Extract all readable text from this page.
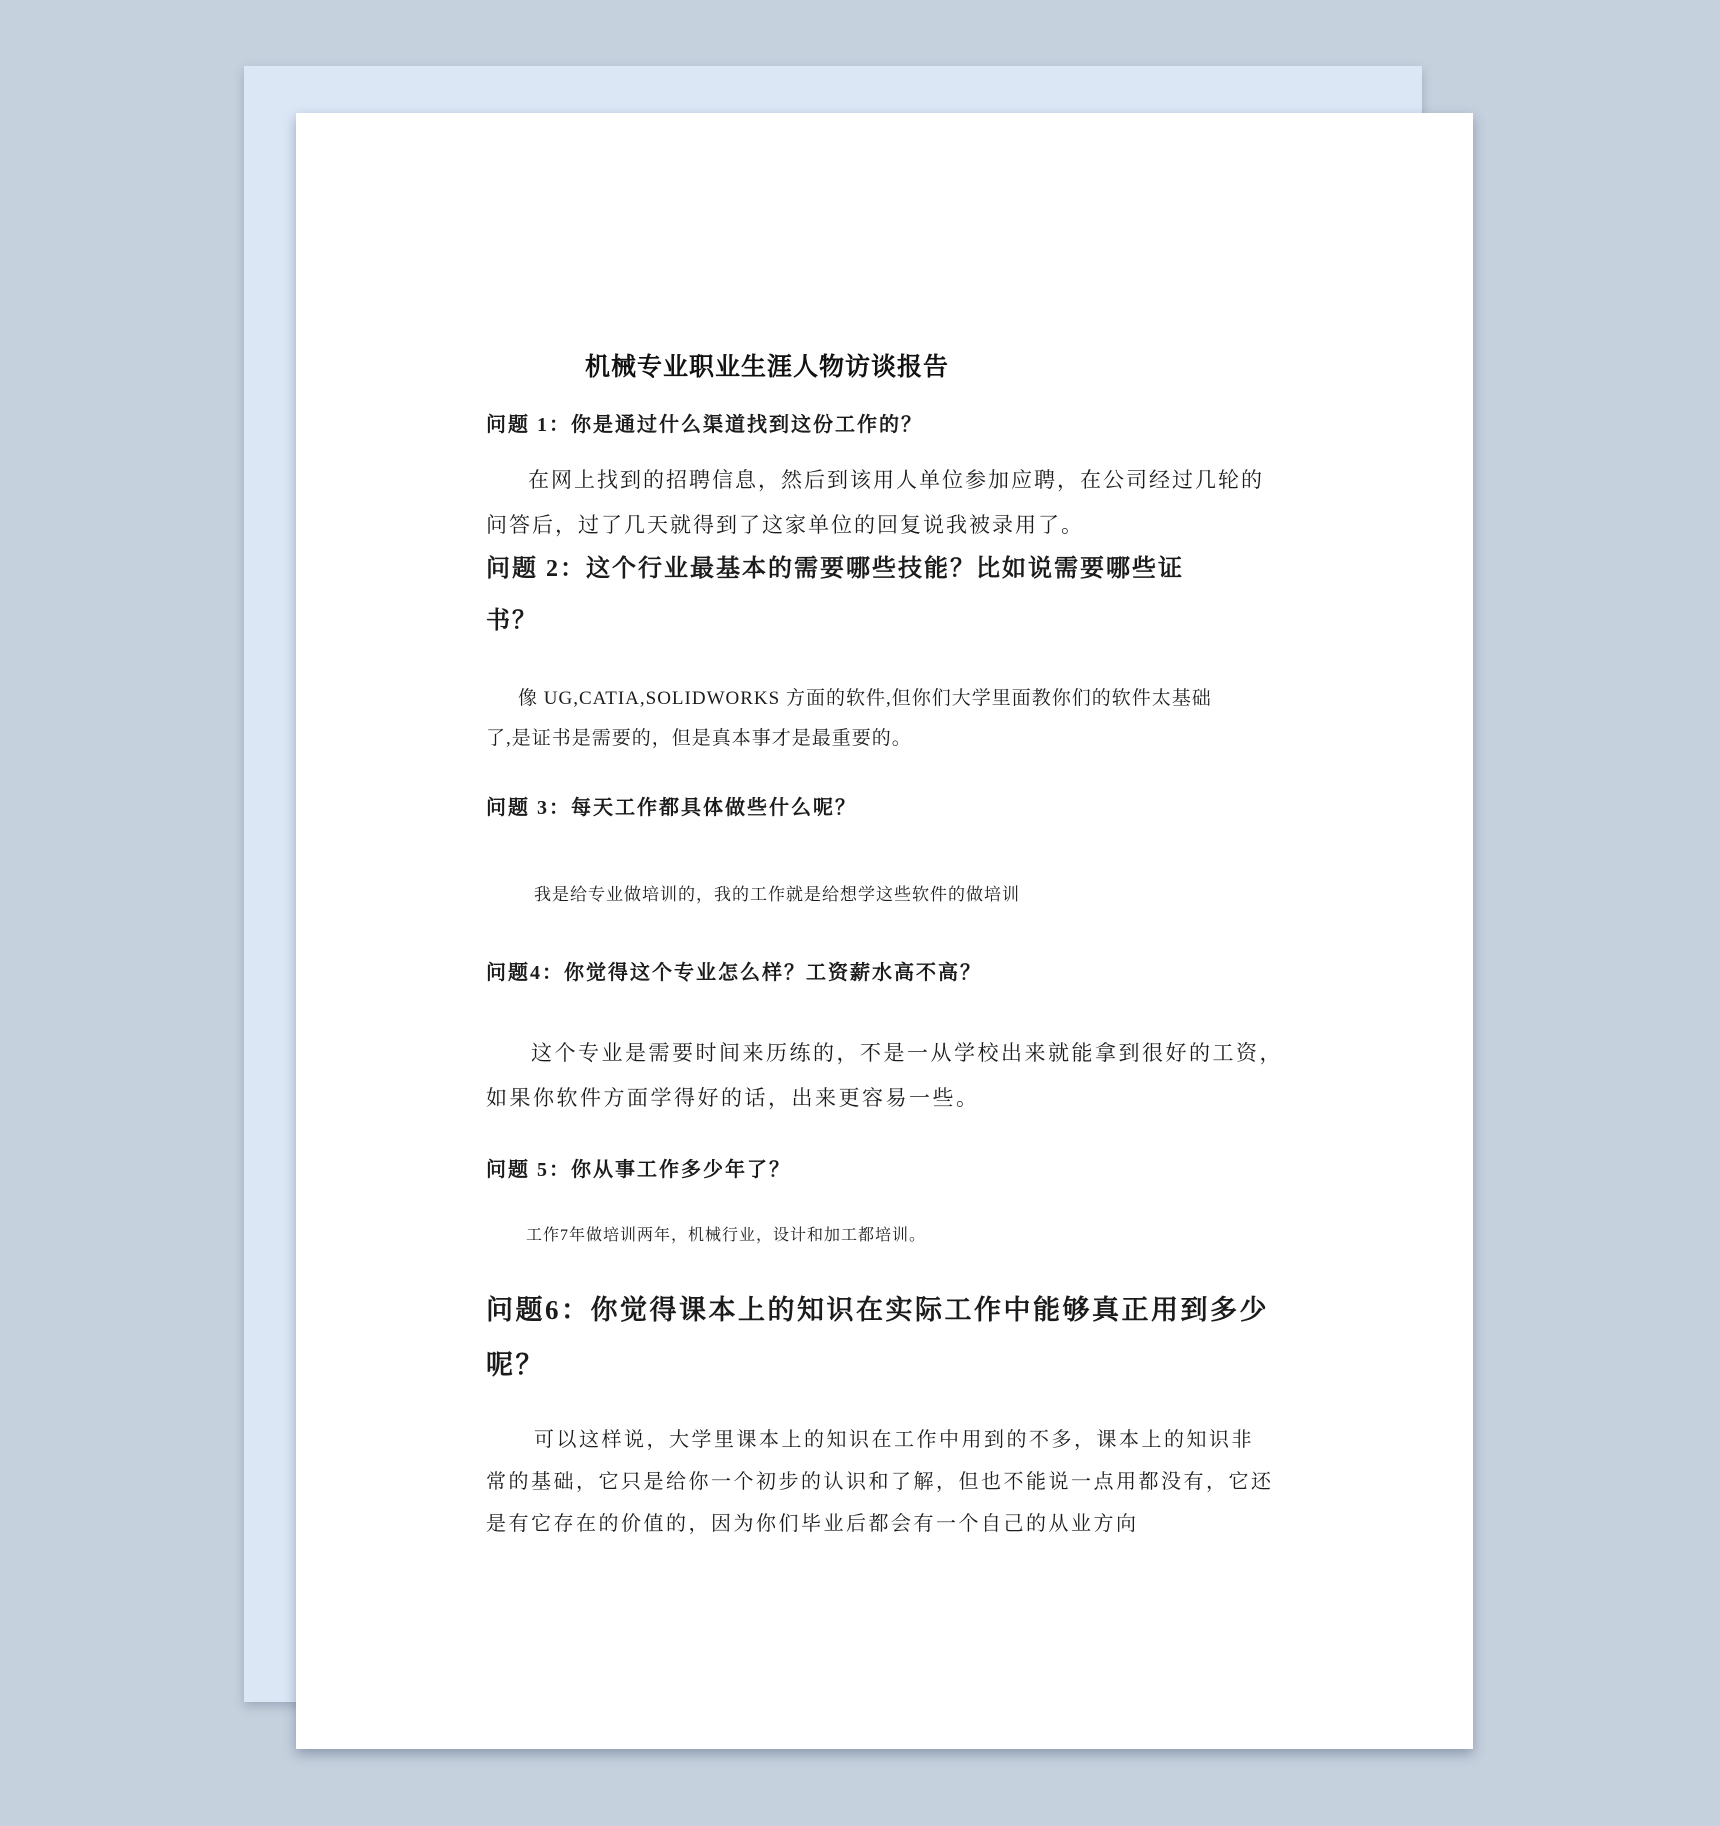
机械专业职业生涯人物访谈报告
问题 1：你是通过什么渠道找到这份工作的？
在网上找到的招聘信息，然后到该用人单位参加应聘，在公司经过几轮的
问答后，过了几天就得到了这家单位的回复说我被录用了。
问题 2：这个行业最基本的需要哪些技能？比如说需要哪些证
书？
像 UG,CATIA,SOLIDWORKS 方面的软件,但你们大学里面教你们的软件太基础
了,是证书是需要的，但是真本事才是最重要的。
问题 3：每天工作都具体做些什么呢？
我是给专业做培训的，我的工作就是给想学这些软件的做培训
问题4：你觉得这个专业怎么样？工资薪水高不高？
这个专业是需要时间来历练的，不是一从学校出来就能拿到很好的工资，
如果你软件方面学得好的话，出来更容易一些。
问题 5：你从事工作多少年了？
工作7年做培训两年，机械行业，设计和加工都培训。
问题6：你觉得课本上的知识在实际工作中能够真正用到多少
呢？
可以这样说，大学里课本上的知识在工作中用到的不多，课本上的知识非
常的基础，它只是给你一个初步的认识和了解，但也不能说一点用都没有，它还
是有它存在的价值的，因为你们毕业后都会有一个自己的从业方向
